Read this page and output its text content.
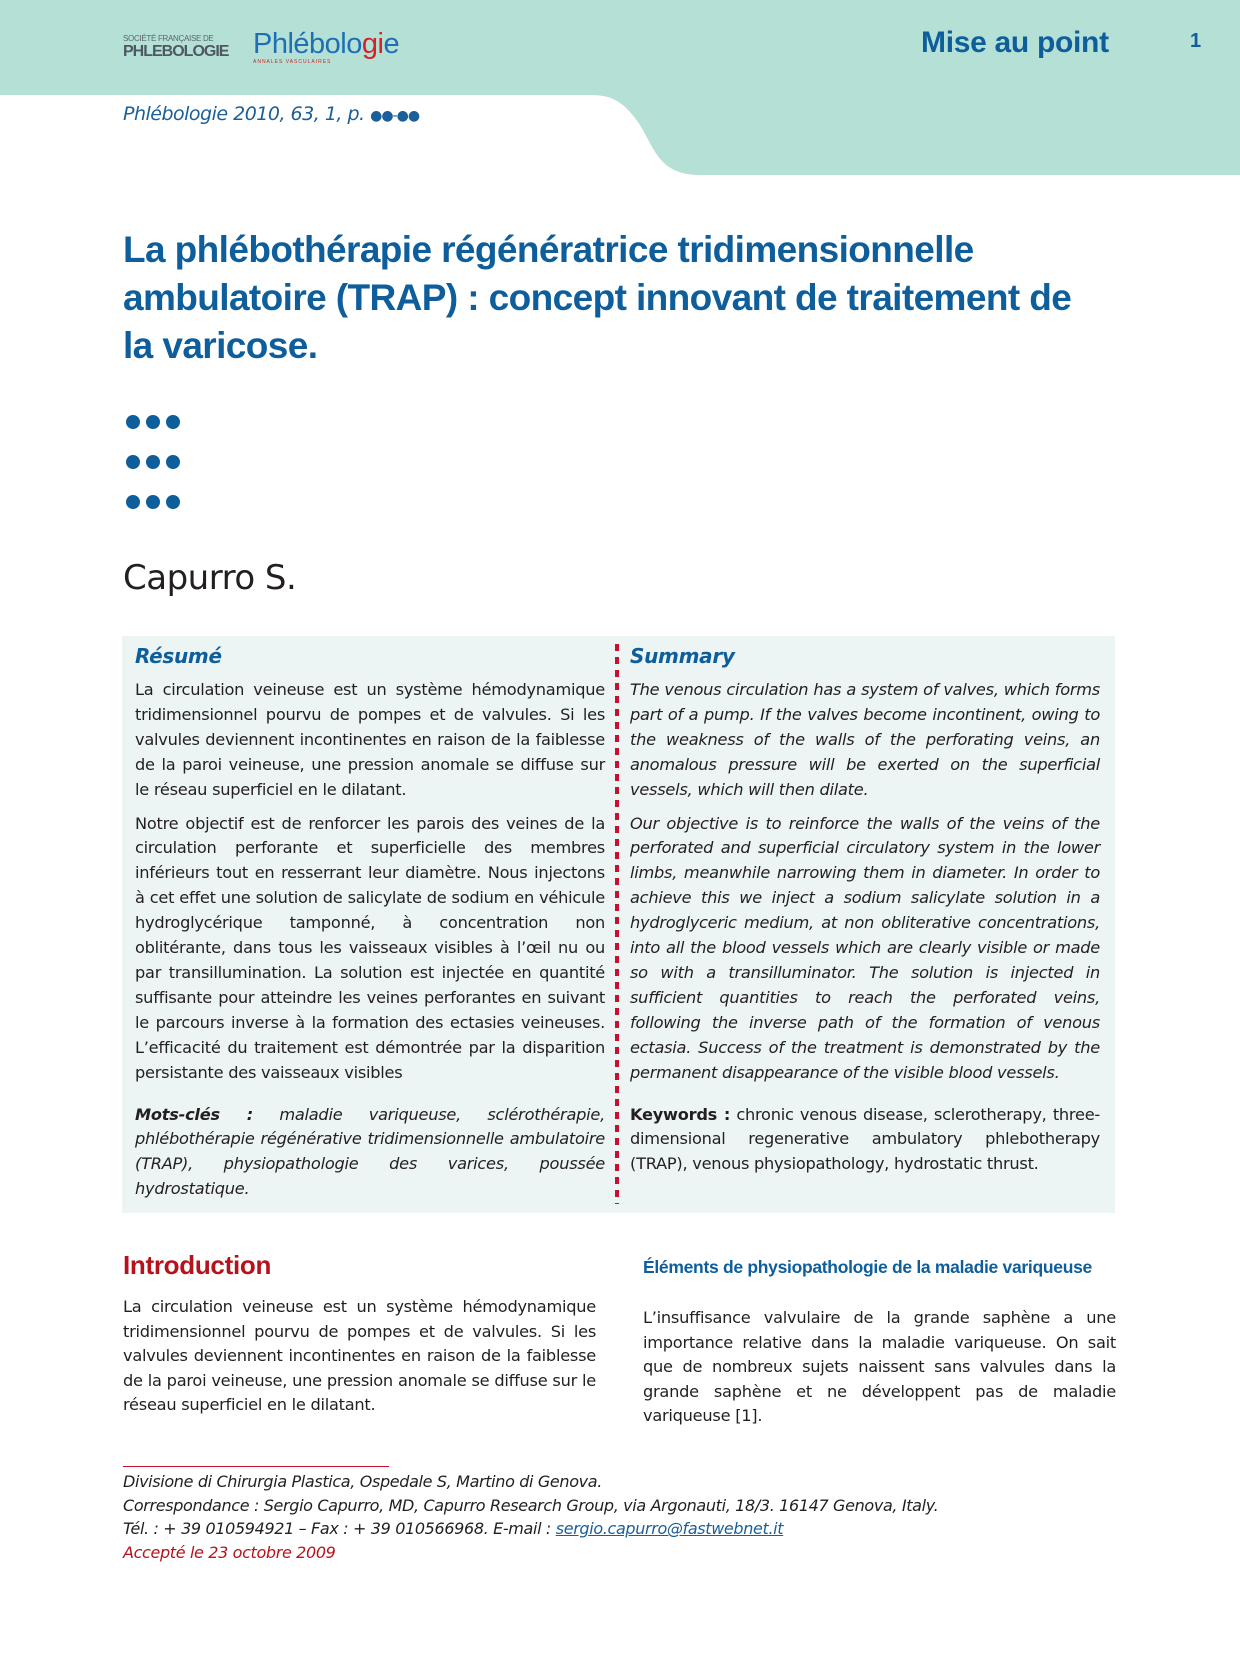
SOCIÉTÉ FRANÇAISE DE
PHLEBOLOGIE Phlébologie
ANNALES VASCULAIRES
Mise au point	1
Phlébologie 2010, 63, 1, p. ●●-●●
La phlébothérapie régénératrice tridimensionnelle ambulatoire (TRAP) : concept innovant de traitement de la varicose.
Capurro S.
Résumé

La circulation veineuse est un système hémodynamique tridimensionnel pourvu de pompes et de valvules. Si les valvules deviennent incontinentes en raison de la faiblesse de la paroi veineuse, une pression anomale se diffuse sur le réseau superficiel en le dilatant.

Notre objectif est de renforcer les parois des veines de la circulation perforante et superficielle des membres inférieurs tout en resserrant leur diamètre. Nous injectons à cet effet une solution de salicylate de sodium en véhicule hydroglycérique tamponné, à concentration non oblitérante, dans tous les vaisseaux visibles à l’œil nu ou par transillumination. La solution est injectée en quantité suffisante pour atteindre les veines perforantes en suivant le parcours inverse à la formation des ectasies veineuses. L’efficacité du traitement est démontrée par la disparition persistante des vaisseaux visibles

Mots-clés : maladie variqueuse, sclérothérapie, phlébothérapie régénérative tridimensionnelle ambulatoire (TRAP), physiopathologie des varices, poussée hydrostatique.

Summary

The venous circulation has a system of valves, which forms part of a pump. If the valves become incontinent, owing to the weakness of the walls of the perforating veins, an anomalous pressure will be exerted on the superficial vessels, which will then dilate.

Our objective is to reinforce the walls of the veins of the perforated and superficial circulatory system in the lower limbs, meanwhile narrowing them in diameter. In order to achieve this we inject a sodium salicylate solution in a hydroglyceric medium, at non obliterative concentrations, into all the blood vessels which are clearly visible or made so with a transilluminator. The solution is injected in sufficient quantities to reach the perforated veins, following the inverse path of the formation of venous ectasia. Success of the treatment is demonstrated by the permanent disappearance of the visible blood vessels.

Keywords : chronic venous disease, sclerotherapy, three-dimensional regenerative ambulatory phlebotherapy (TRAP), venous physiopathology, hydrostatic thrust.

Introduction

La circulation veineuse est un système hémodynamique tridimensionnel pourvu de pompes et de valvules. Si les valvules deviennent incontinentes en raison de la faiblesse de la paroi veineuse, une pression anomale se diffuse sur le réseau superficiel en le dilatant.

Éléments de physiopathologie de la maladie variqueuse

L’insuffisance valvulaire de la grande saphène a une importance relative dans la maladie variqueuse. On sait que de nombreux sujets naissent sans valvules dans la grande saphène et ne développent pas de maladie variqueuse [1].

Divisione di Chirurgia Plastica, Ospedale S, Martino di Genova.
Correspondance : Sergio Capurro, MD, Capurro Research Group, via Argonauti, 18/3. 16147 Genova, Italy.
Tél. : + 39 010594921 – Fax : + 39 010566968. E-mail : sergio.capurro@fastwebnet.it
Accepté le 23 octobre 2009
